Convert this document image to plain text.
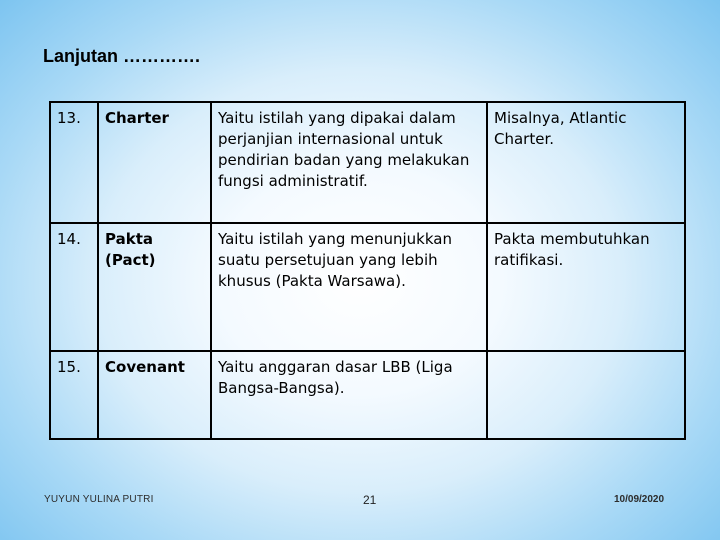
Lanjutan ………….
13.	Charter	Yaitu istilah yang dipakai dalam perjanjian internasional untuk pendirian badan yang melakukan fungsi administratif.	Misalnya, Atlantic Charter.
14.	Pakta (Pact)	Yaitu istilah yang menunjukkan suatu persetujuan yang lebih khusus (Pakta Warsawa).	Pakta membutuhkan ratifikasi.
15.	Covenant	Yaitu anggaran dasar LBB (Liga Bangsa-Bangsa).	
YUYUN YULINA PUTRI	21	10/09/2020
